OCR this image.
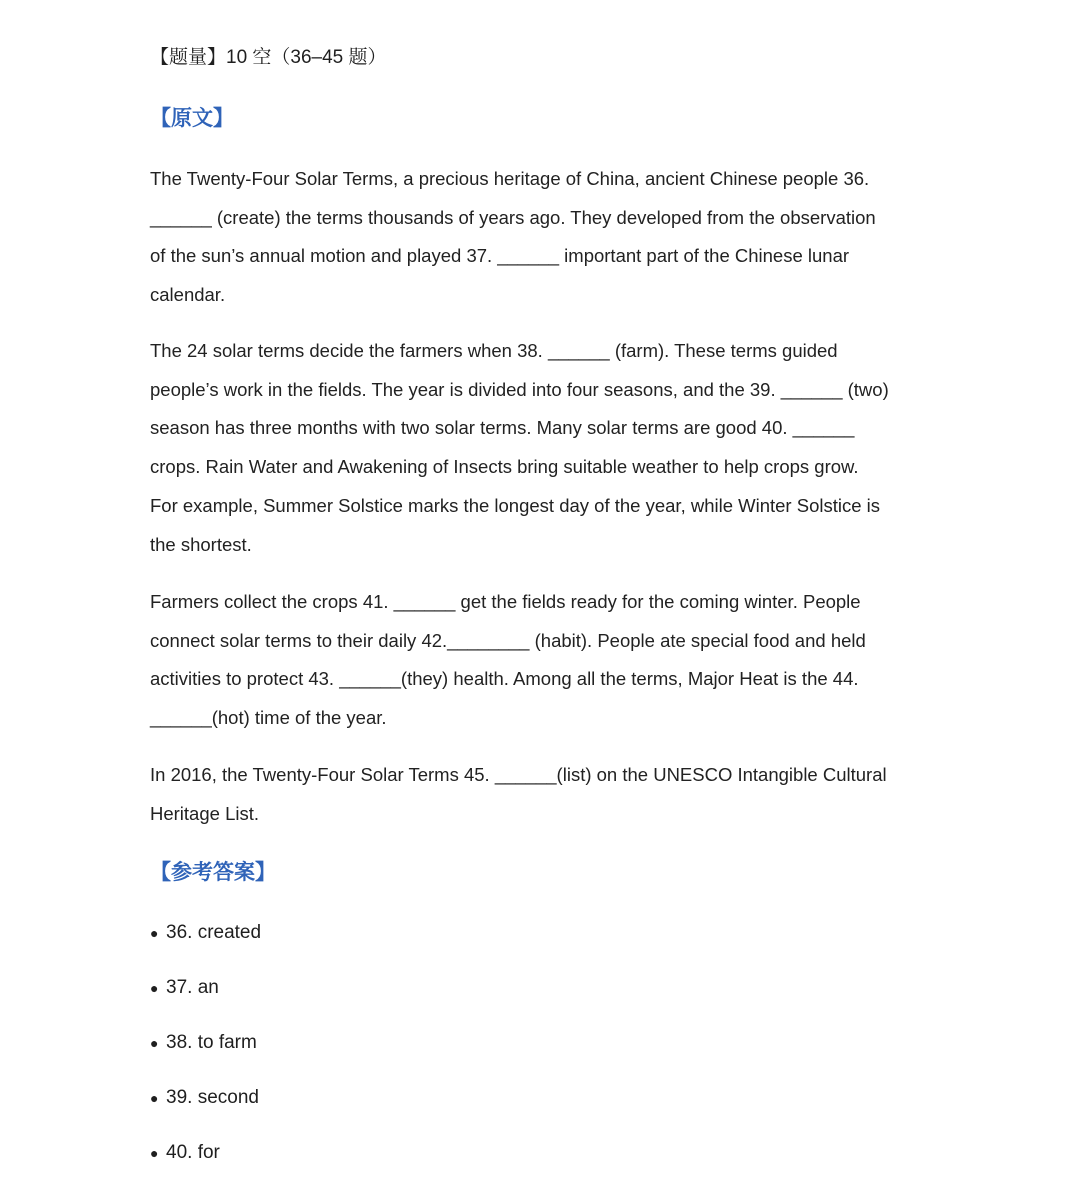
【题量】10 空（36–45 题）
【原文】
The Twenty-Four Solar Terms, a precious heritage of China, ancient Chinese people 36.
______ (create) the terms thousands of years ago. They developed from the observation
of the sun’s annual motion and played 37. ______ important part of the Chinese lunar
calendar.
The 24 solar terms decide the farmers when 38. ______ (farm). These terms guided
people’s work in the fields. The year is divided into four seasons, and the 39. ______ (two)
season has three months with two solar terms. Many solar terms are good 40. ______
crops. Rain Water and Awakening of Insects bring suitable weather to help crops grow.
For example, Summer Solstice marks the longest day of the year, while Winter Solstice is
the shortest.
Farmers collect the crops 41. ______ get the fields ready for the coming winter. People
connect solar terms to their daily 42.________ (habit). People ate special food and held
activities to protect 43. ______(they) health. Among all the terms, Major Heat is the 44.
______(hot) time of the year.
In 2016, the Twenty-Four Solar Terms 45. ______(list) on the UNESCO Intangible Cultural
Heritage List.
【参考答案】
● 36. created
● 37. an
● 38. to farm
● 39. second
● 40. for
